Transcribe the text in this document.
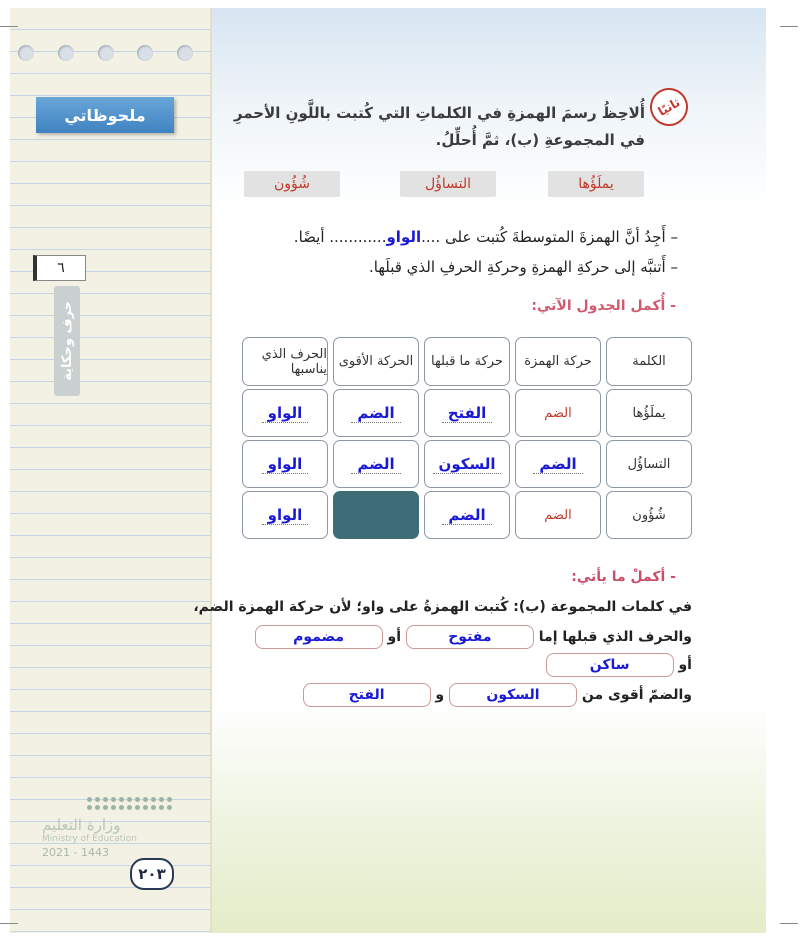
ملحوظاتي
٦
حرف وحكاية
وزارة التعليم
Ministry of Education
2021 - 1443
٢٠٣
ثانيًا
أُلاحِظُ رسمَ الهمزةِ في الكلماتِ التي كُتبت باللَّونِ الأحمرِ في المجموعةِ (ب)، ثمَّ أُحلِّلُ.
يملَؤُها
التساؤُل
شُؤُون
– أَجِدُ أنَّ الهمزةَ المتوسطةَ كُتبت على ....الواو............ أيضًا.
– أَتنبَّه إلى حركةِ الهمزةِ وحركةِ الحرفِ الذي قبلَها.
- أُكمل الجدول الآتي:
الكلمة
حركة الهمزة
حركة ما قبلها
الحركة الأقوى
الحرف الذي يناسبها
يملَؤُها
الضم
الفتح
الضم
الواو
التساؤُل
الضم
السكون
الضم
الواو
شُؤُون
الضم
الضم
الواو
- أكملْ ما يأتي:
في كلمات المجموعة (ب): كُتبت الهمزةُ على واو؛ لأن حركة الهمزة الضم،
والحرف الذي قبلها إما مفتوح أو مضموم
أو ساكن
والضمّ أقوى من السكون و الفتح
